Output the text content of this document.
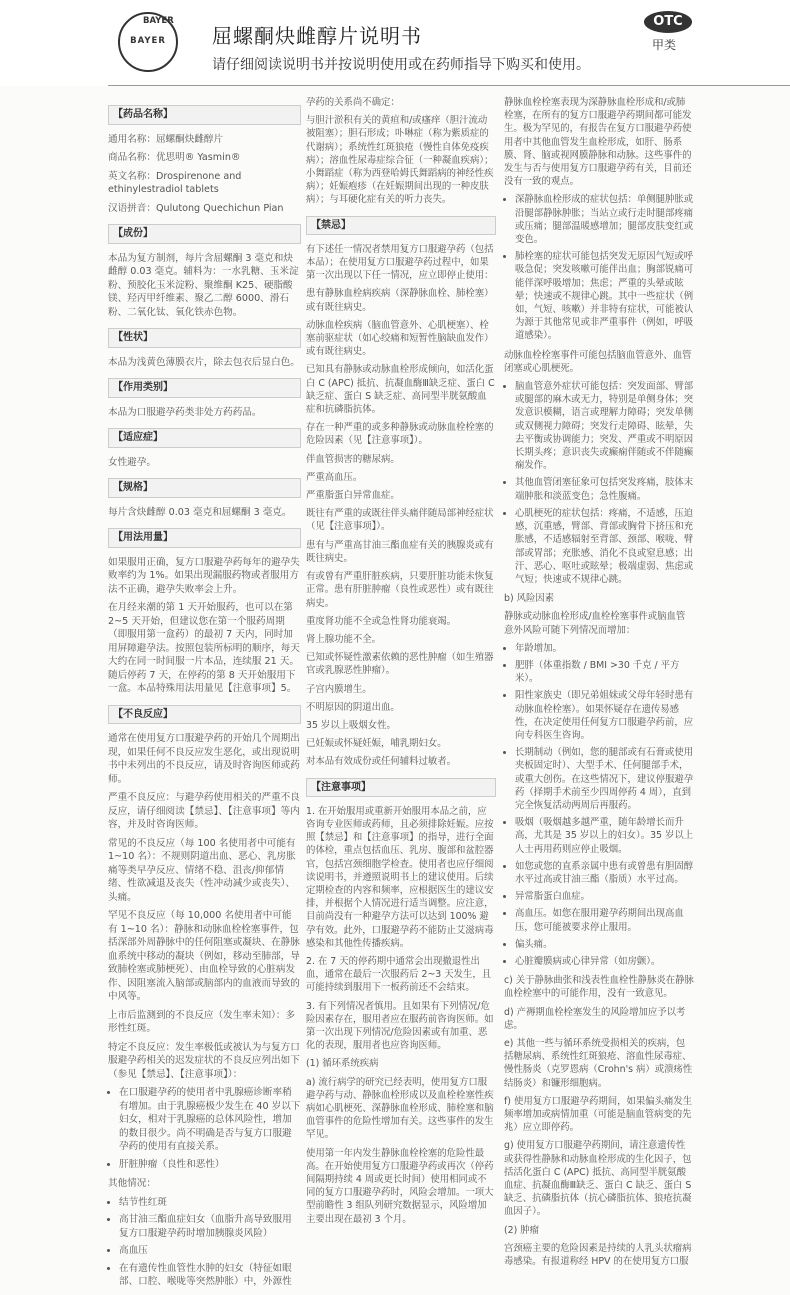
BAYER
BAYER	屈螺酮炔雌醇片说明书
OTC
甲类
请仔细阅读说明书并按说明使用或在药师指导下购买和使用。
【药品名称】

通用名称：屈螺酮炔雌醇片

商品名称：优思明® Yasmin®

英文名称：Drospirenone and ethinylestradiol tablets

汉语拼音：Qulutong Quechichun Pian

【成份】

本品为复方制剂，每片含屈螺酮 3 毫克和炔雌醇 0.03 毫克。辅料为：一水乳糖、玉米淀粉、预胶化玉米淀粉、聚维酮 K25、硬脂酸镁、羟丙甲纤维素、聚乙二醇 6000、滑石粉、二氧化钛、氧化铁赤色物。

【性状】

本品为浅黄色薄膜衣片，除去包衣后显白色。

【作用类别】

本品为口服避孕药类非处方药药品。

【适应症】

女性避孕。

【规格】

每片含炔雌醇 0.03 毫克和屈螺酮 3 毫克。

【用法用量】

如果服用正确，复方口服避孕药每年的避孕失败率约为 1%。如果出现漏服药物或者服用方法不正确，避孕失败率会上升。

在月经来潮的第 1 天开始服药，也可以在第 2~5 天开始，但建议您在第一个服药周期（即服用第一盒药）的最初 7 天内，同时加用屏障避孕法。按照包装所标明的顺序，每天大约在同一时间服一片本品，连续服 21 天。随后停药 7 天，在停药的第 8 天开始服用下一盒。本品特殊用法用量见【注意事项】5。

【不良反应】

通常在使用复方口服避孕药的开始几个周期出现，如果任何不良反应发生恶化，或出现说明书中未列出的不良反应，请及时咨询医师或药师。

严重不良反应：与避孕药使用相关的严重不良反应，请仔细阅读【禁忌】、【注意事项】等内容，并及时咨询医师。

常见的不良反应（每 100 名使用者中可能有 1~10 名）：不规则阴道出血、恶心、乳房胀痛等类早孕反应、情绪不稳、沮丧/抑郁情绪、性欲减退及丧失（性冲动减少或丧失）、头痛。

罕见不良反应（每 10,000 名使用者中可能有 1~10 名）：静脉和动脉血栓栓塞事件，包括深部外周静脉中的任何阻塞或凝块、在静脉血系统中移动的凝块（例如，移动至肺部，导致肺栓塞或肺梗死）、由血栓导致的心脏病发作、因阻塞流入脑部或脑部内的血液而导致的中风等。

上市后监测到的不良反应（发生率未知）：多形性红斑。

特定不良反应：发生率极低或被认为与复方口服避孕药相关的迟发症状的不良反应列出如下（参见【禁忌】、【注意事项】）：

• 在口服避孕药的使用者中乳腺癌诊断率稍有增加。由于乳腺癌极少发生在 40 岁以下妇女，相对于乳腺癌的总体风险性，增加的数目很少。尚不明确是否与复方口服避孕药的使用有直接关系。
• 肝脏肿瘤（良性和恶性）

其他情况：

• 结节性红斑
• 高甘油三酯血症妇女（血脂升高导致服用复方口服避孕药时增加胰腺炎风险）
• 高血压
• 在有遗传性血管性水肿的妇女（特征如眼部、口腔、喉咙等突然肿胀）中，外源性

孕药的关系尚不确定：

与胆汁淤积有关的黄疸和/或瘙痒（胆汁流动被阻塞）；胆石形成；卟啉症（称为紫质症的代谢病）；系统性红斑狼疮（慢性自体免疫疾病）；溶血性尿毒症综合征（一种凝血疾病）；小舞蹈症（称为西登哈姆氏舞蹈病的神经性疾病）；妊娠疱疹（在妊娠期间出现的一种皮肤病）；与耳硬化症有关的听力丧失。

【禁忌】

有下述任一情况者禁用复方口服避孕药（包括本品）；在使用复方口服避孕药过程中，如果第一次出现以下任一情况，应立即停止使用：

患有静脉血栓病疾病（深静脉血栓、肺栓塞）或有既往病史。

动脉血栓疾病（脑血管意外、心肌梗塞）、栓塞前驱症状（如心绞痛和短暂性脑缺血发作）或有既往病史。

已知具有静脉或动脉血栓形成倾向，如活化蛋白 C (APC) 抵抗、抗凝血酶Ⅲ缺乏症、蛋白 C 缺乏症、蛋白 S 缺乏症、高同型半胱氨酸血症和抗磷脂抗体。

存在一种严重的或多种静脉或动脉血栓栓塞的危险因素（见【注意事项】）。

伴血管损害的糖尿病。

严重高血压。

严重脂蛋白异常血症。

既往有严重的或既往伴头痛伴随局部神经症状（见【注意事项】）。

患有与严重高甘油三酯血症有关的胰腺炎或有既往病史。

有或曾有严重肝脏疾病，只要肝脏功能未恢复正常。患有肝脏肿瘤（良性或恶性）或有既往病史。

重度肾功能不全或急性肾功能衰竭。

肾上腺功能不全。

已知或怀疑性激素依赖的恶性肿瘤（如生殖器官或乳腺恶性肿瘤）。

子宫内膜增生。

不明原因的阴道出血。

35 岁以上吸烟女性。

已妊娠或怀疑妊娠，哺乳期妇女。

对本品有效成份或任何辅料过敏者。

【注意事项】

1. 在开始服用或重新开始服用本品之前，应咨询专业医师或药师，且必须排除妊娠。应按照【禁忌】和【注意事项】的指导，进行全面的体检，重点包括血压、乳房、腹部和盆腔器官，包括宫颈细胞学检查。使用者也应仔细阅读说明书，并遵照说明书上的建议使用。后续定期检查的内容和频率，应根据医生的建议安排，并根据个人情况进行适当调整。应注意，目前尚没有一种避孕方法可以达到 100% 避孕有效。此外，口服避孕药不能防止艾滋病毒感染和其他性传播疾病。

2. 在 7 天的停药期中通常会出现撤退性出血，通常在最后一次服药后 2~3 天发生，且可能持续到服用下一板药前还不会结束。

3. 有下列情况者慎用。且如果有下列情况/危险因素存在，服用者应在服药前咨询医师。如第一次出现下列情况/危险因素或有加重、恶化的表现，服用者也应咨询医师。

(1) 循环系统疾病

a) 流行病学的研究已经表明，使用复方口服避孕药与动、静脉血栓形成以及血栓栓塞性疾病如心肌梗死、深静脉血栓形成、肺栓塞和脑血管事件的危险性增加有关。这些事件的发生罕见。

使用第一年内发生静脉血栓栓塞的危险性最高。在开始使用复方口服避孕药或再次（停药间隔期持续 4 周或更长时间）使用相同或不同的复方口服避孕药时，风险会增加。一项大型前瞻性 3 组队列研究数据显示，风险增加主要出现在最初 3 个月。

静脉血栓栓塞表现为深静脉血栓形成和/或肺栓塞，在所有的复方口服避孕药期间都可能发生。极为罕见的，有报告在复方口服避孕药使用者中其他血管发生血栓形成，如肝、肠系膜、肾、脑或视网膜静脉和动脉。这些事件的发生与否与使用复方口服避孕药有关，目前还没有一致的观点。

• 深静脉血栓形成的症状包括：单侧腿肿胀或沿腿部静脉肿胀；当站立或行走时腿部疼痛或压痛；腿部温暖感增加；腿部皮肤变红或变色。
• 肺栓塞的症状可能包括突发无原因气短或呼吸急促；突发咳嗽可能伴出血；胸部锐痛可能伴深呼吸增加；焦虑；严重的头晕或眩晕；快速或不规律心跳。其中一些症状（例如，气短、咳嗽）并非特有症状，可能被认为源于其他常见或非严重事件（例如，呼吸道感染）。

动脉血栓栓塞事件可能包括脑血管意外、血管闭塞或心肌梗死。

• 脑血管意外症状可能包括：突发面部、臂部或腿部的麻木或无力，特别是单侧身体；突发意识模糊，语言或理解力障碍；突发单侧或双侧视力障碍；突发行走障碍、眩晕，失去平衡或协调能力；突发、严重或不明原因长期头疼；意识丧失或癫痫伴随或不伴随癫痫发作。
• 其他血管闭塞征象可包括突发疼痛，肢体末端肿胀和淡蓝变色；急性腹痛。
• 心肌梗死的症状包括：疼痛，不适感，压迫感，沉重感，臂部、背部或胸骨下挤压和充胀感，不适感辐射至背部、颈部、喉咙、臂部或胃部；充胀感、消化不良或窒息感；出汗、恶心、呕吐或眩晕；极端虚弱、焦虑或气短；快速或不规律心跳。

b) 风险因素

静脉或动脉血栓形成/血栓栓塞事件或脑血管意外风险可随下列情况而增加：

• 年龄增加。
• 肥胖（体重指数 / BMI >30 千克 / 平方米）。
• 阳性家族史（即兄弟姐妹或父母年轻时患有动脉血栓栓塞）。如果怀疑存在遗传易感性，在决定使用任何复方口服避孕药前，应向专科医生咨询。
• 长期制动（例如，您的腿部或有石膏或使用夹板固定时）、大型手术、任何腿部手术，或重大创伤。在这些情况下，建议停服避孕药（择期手术前至少四周停药 4 周），直到完全恢复活动两周后再服药。
• 吸烟（吸烟越多越严重，随年龄增长而升高，尤其是 35 岁以上的妇女）。35 岁以上人士再用药则应停止吸烟。
• 如您或您的直系亲属中患有或曾患有胆固醇水平过高或甘油三酯（脂质）水平过高。
• 异常脂蛋白血症。
• 高血压。如您在服用避孕药期间出现高血压，您可能被要求停止服用。
• 偏头痛。
• 心脏瓣膜病或心律异常（如房颤）。

c) 关于静脉曲张和浅表性血栓性静脉炎在静脉血栓栓塞中的可能作用，没有一致意见。

d) 产褥期血栓栓塞发生的风险增加应予以考虑。

e) 其他一些与循环系统受损相关的疾病，包括糖尿病、系统性红斑狼疮、溶血性尿毒症、慢性肠炎（克罗恩病（Crohn's 病）或溃疡性结肠炎）和镰形细胞病。

f) 使用复方口服避孕药期间，如果偏头痛发生频率增加或病情加重（可能是脑血管病变的先兆）应立即停药。

g) 使用复方口服避孕药期间，请注意遗传性或获得性静脉和动脉血栓形成的生化因子，包括活化蛋白 C (APC) 抵抗、高同型半胱氨酸血症、抗凝血酶Ⅲ缺乏、蛋白 C 缺乏、蛋白 S 缺乏、抗磷脂抗体（抗心磷脂抗体、狼疮抗凝血因子）。

(2) 肿瘤

宫颈癌主要的危险因素是持续的人乳头状瘤病毒感染。有报道称经 HPV 的在使用复方口服
